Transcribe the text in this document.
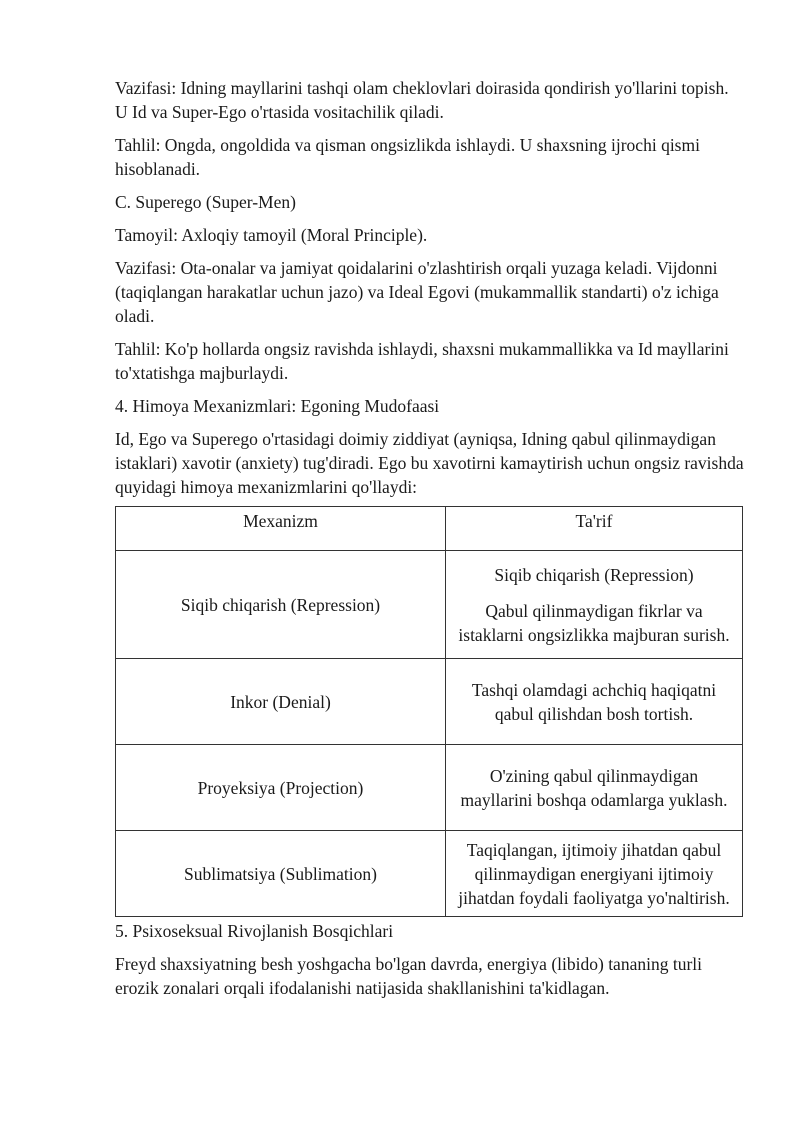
Vazifasi: Idning mayllarini tashqi olam cheklovlari doirasida qondirish yo'llarini topish. U Id va Super-Ego o'rtasida vositachilik qiladi.

Tahlil: Ongda, ongoldida va qisman ongsizlikda ishlaydi. U shaxsning ijrochi qismi hisoblanadi.

C. Superego (Super-Men)

Tamoyil: Axloqiy tamoyil (Moral Principle).

Vazifasi: Ota-onalar va jamiyat qoidalarini o'zlashtirish orqali yuzaga keladi. Vijdonni (taqiqlangan harakatlar uchun jazo) va Ideal Egovi (mukammallik standarti) o'z ichiga oladi.

Tahlil: Ko'p hollarda ongsiz ravishda ishlaydi, shaxsni mukammallikka va Id mayllarini to'xtatishga majburlaydi.

4. Himoya Mexanizmlari: Egoning Mudofaasi

Id, Ego va Superego o'rtasidagi doimiy ziddiyat (ayniqsa, Idning qabul qilinmaydigan istaklari) xavotir (anxiety) tug'diradi. Ego bu xavotirni kamaytirish uchun ongsiz ravishda quyidagi himoya mexanizmlarini qo'llaydi:

Mexanizm	Ta'rif
Siqib chiqarish (Repression)	Siqib chiqarish (Repression)
Qabul qilinmaydigan fikrlar va istaklarni ongsizlikka majburan surish.
Inkor (Denial)	Tashqi olamdagi achchiq haqiqatni qabul qilishdan bosh tortish.
Proyeksiya (Projection)	O'zining qabul qilinmaydigan mayllarini boshqa odamlarga yuklash.
Sublimatsiya (Sublimation)	Taqiqlangan, ijtimoiy jihatdan qabul qilinmaydigan energiyani ijtimoiy jihatdan foydali faoliyatga yo'naltirish.

5. Psixoseksual Rivojlanish Bosqichlari

Freyd shaxsiyatning besh yoshgacha bo'lgan davrda, energiya (libido) tananing turli erozik zonalari orqali ifodalanishi natijasida shakllanishini ta'kidlagan.
